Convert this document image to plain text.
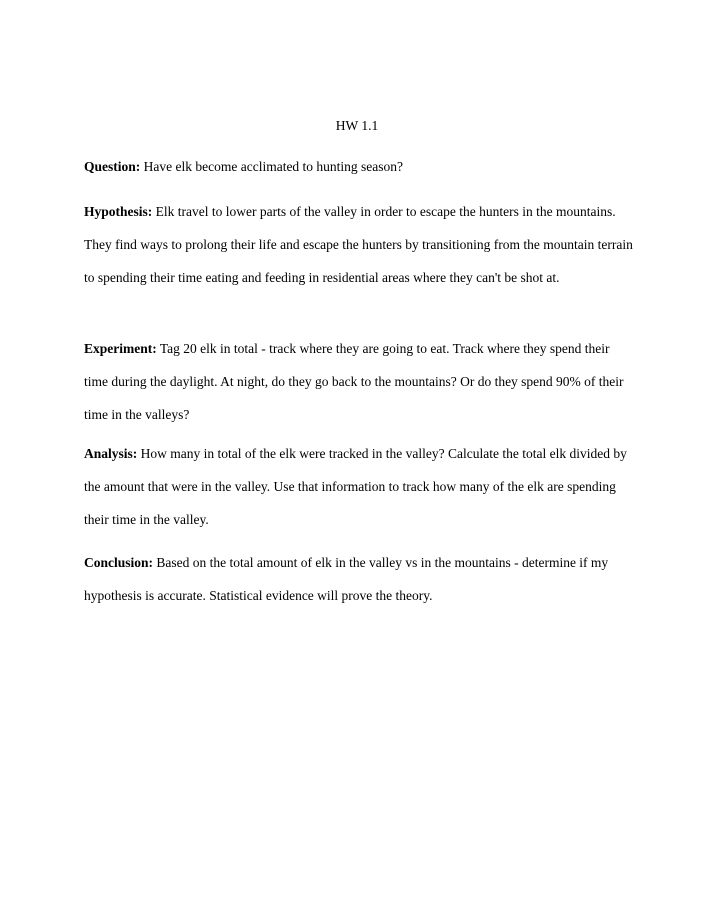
HW 1.1
Question: Have elk become acclimated to hunting season?
Hypothesis: Elk travel to lower parts of the valley in order to escape the hunters in the mountains. They find ways to prolong their life and escape the hunters by transitioning from the mountain terrain to spending their time eating and feeding in residential areas where they can't be shot at.
Experiment: Tag 20 elk in total - track where they are going to eat. Track where they spend their time during the daylight. At night, do they go back to the mountains? Or do they spend 90% of their time in the valleys?
Analysis: How many in total of the elk were tracked in the valley? Calculate the total elk divided by the amount that were in the valley. Use that information to track how many of the elk are spending their time in the valley.
Conclusion: Based on the total amount of elk in the valley vs in the mountains - determine if my hypothesis is accurate. Statistical evidence will prove the theory.
